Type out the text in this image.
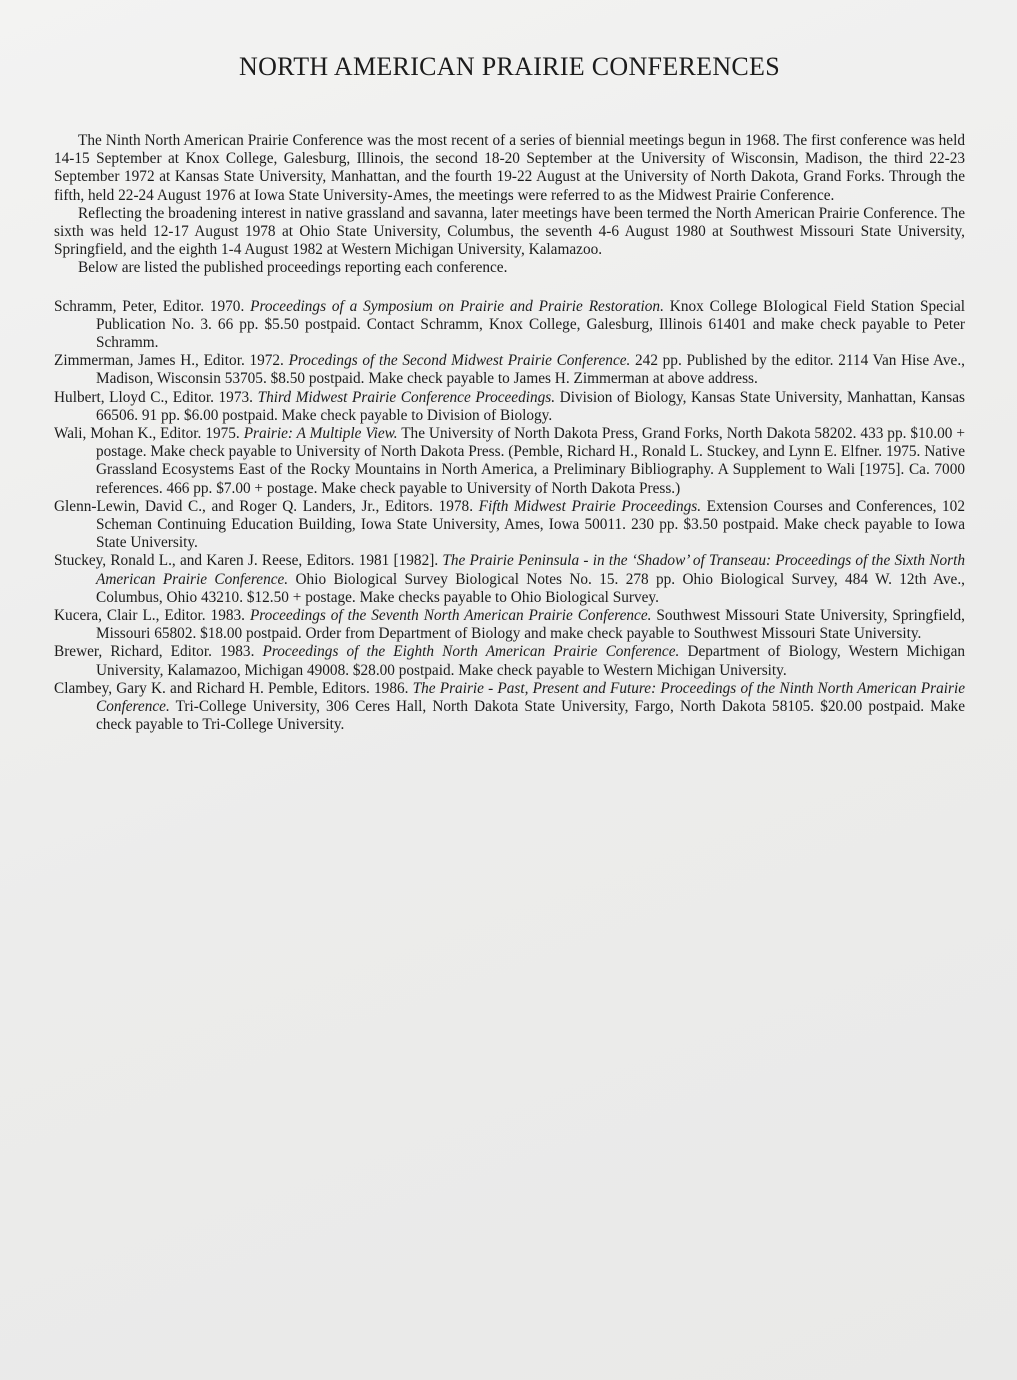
NORTH AMERICAN PRAIRIE CONFERENCES

The Ninth North American Prairie Conference was the most recent of a series of biennial meetings begun in 1968. The first conference was held 14-15 September at Knox College, Galesburg, Illinois, the second 18-20 September at the University of Wisconsin, Madison, the third 22-23 September 1972 at Kansas State University, Manhattan, and the fourth 19-22 August at the University of North Dakota, Grand Forks. Through the fifth, held 22-24 August 1976 at Iowa State University-Ames, the meetings were referred to as the Midwest Prairie Conference.

Reflecting the broadening interest in native grassland and savanna, later meetings have been termed the North American Prairie Conference. The sixth was held 12-17 August 1978 at Ohio State University, Columbus, the seventh 4-6 August 1980 at Southwest Missouri State University, Springfield, and the eighth 1-4 August 1982 at Western Michigan University, Kalamazoo.

Below are listed the published proceedings reporting each conference.

Schramm, Peter, Editor. 1970. Proceedings of a Symposium on Prairie and Prairie Restoration. Knox College BIological Field Station Special Publication No. 3. 66 pp. $5.50 postpaid. Contact Schramm, Knox College, Galesburg, Illinois 61401 and make check payable to Peter Schramm.

Zimmerman, James H., Editor. 1972. Procedings of the Second Midwest Prairie Conference. 242 pp. Published by the editor. 2114 Van Hise Ave., Madison, Wisconsin 53705. $8.50 postpaid. Make check payable to James H. Zimmerman at above address.

Hulbert, Lloyd C., Editor. 1973. Third Midwest Prairie Conference Proceedings. Division of Biology, Kansas State University, Manhattan, Kansas 66506. 91 pp. $6.00 postpaid. Make check payable to Division of Biology.

Wali, Mohan K., Editor. 1975. Prairie: A Multiple View. The University of North Dakota Press, Grand Forks, North Dakota 58202. 433 pp. $10.00 + postage. Make check payable to University of North Dakota Press. (Pemble, Richard H., Ronald L. Stuckey, and Lynn E. Elfner. 1975. Native Grassland Ecosystems East of the Rocky Mountains in North America, a Preliminary Bibliography. A Supplement to Wali [1975]. Ca. 7000 references. 466 pp. $7.00 + postage. Make check payable to University of North Dakota Press.)

Glenn-Lewin, David C., and Roger Q. Landers, Jr., Editors. 1978. Fifth Midwest Prairie Proceedings. Extension Courses and Conferences, 102 Scheman Continuing Education Building, Iowa State University, Ames, Iowa 50011. 230 pp. $3.50 postpaid. Make check payable to Iowa State University.

Stuckey, Ronald L., and Karen J. Reese, Editors. 1981 [1982]. The Prairie Peninsula - in the ‘Shadow’ of Transeau: Proceedings of the Sixth North American Prairie Conference. Ohio Biological Survey Biological Notes No. 15. 278 pp. Ohio Biological Survey, 484 W. 12th Ave., Columbus, Ohio 43210. $12.50 + postage. Make checks payable to Ohio Biological Survey.

Kucera, Clair L., Editor. 1983. Proceedings of the Seventh North American Prairie Conference. Southwest Missouri State University, Springfield, Missouri 65802. $18.00 postpaid. Order from Department of Biology and make check payable to Southwest Missouri State University.

Brewer, Richard, Editor. 1983. Proceedings of the Eighth North American Prairie Conference. Department of Biology, Western Michigan University, Kalamazoo, Michigan 49008. $28.00 postpaid. Make check payable to Western Michigan University.

Clambey, Gary K. and Richard H. Pemble, Editors. 1986. The Prairie - Past, Present and Future: Proceedings of the Ninth North American Prairie Conference. Tri-College University, 306 Ceres Hall, North Dakota State University, Fargo, North Dakota 58105. $20.00 postpaid. Make check payable to Tri-College University.
